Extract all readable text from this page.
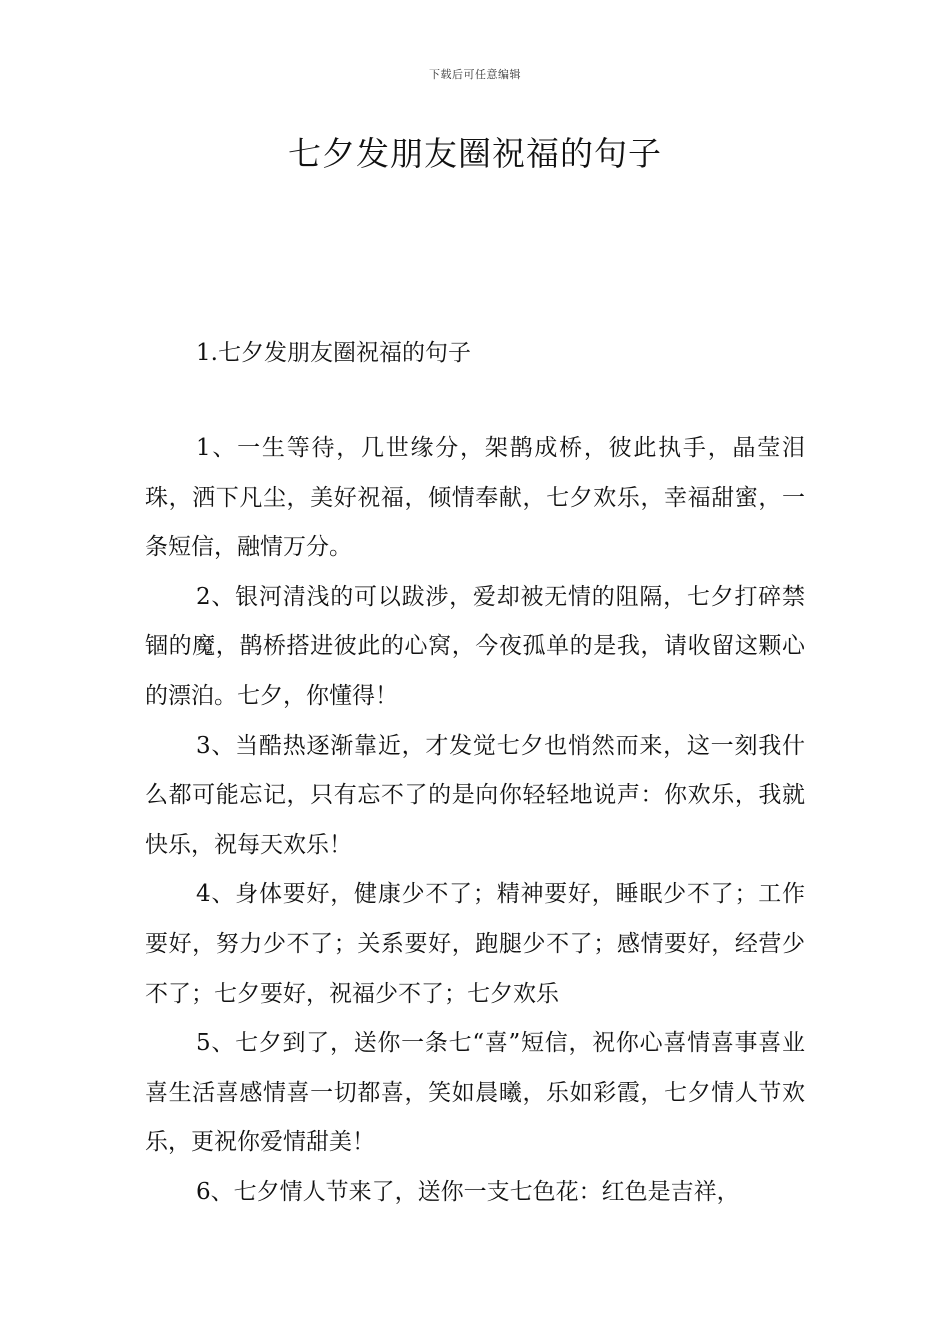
下载后可任意编辑
七夕发朋友圈祝福的句子
1.七夕发朋友圈祝福的句子

1、一生等待，几世缘分，架鹊成桥，彼此执手，晶莹泪珠，洒下凡尘，美好祝福，倾情奉献，七夕欢乐，幸福甜蜜，一条短信，融情万分。

2、银河清浅的可以跋涉，爱却被无情的阻隔，七夕打碎禁锢的魔，鹊桥搭进彼此的心窝，今夜孤单的是我，请收留这颗心的漂泊。七夕，你懂得！

3、当酷热逐渐靠近，才发觉七夕也悄然而来，这一刻我什么都可能忘记，只有忘不了的是向你轻轻地说声：你欢乐，我就快乐，祝每天欢乐！

4、身体要好，健康少不了；精神要好，睡眠少不了；工作要好，努力少不了；关系要好，跑腿少不了；感情要好，经营少不了；七夕要好，祝福少不了；七夕欢乐

5、七夕到了，送你一条七“喜”短信，祝你心喜情喜事喜业喜生活喜感情喜一切都喜，笑如晨曦，乐如彩霞，七夕情人节欢乐，更祝你爱情甜美！

6、七夕情人节来了，送你一支七色花：红色是吉祥，
